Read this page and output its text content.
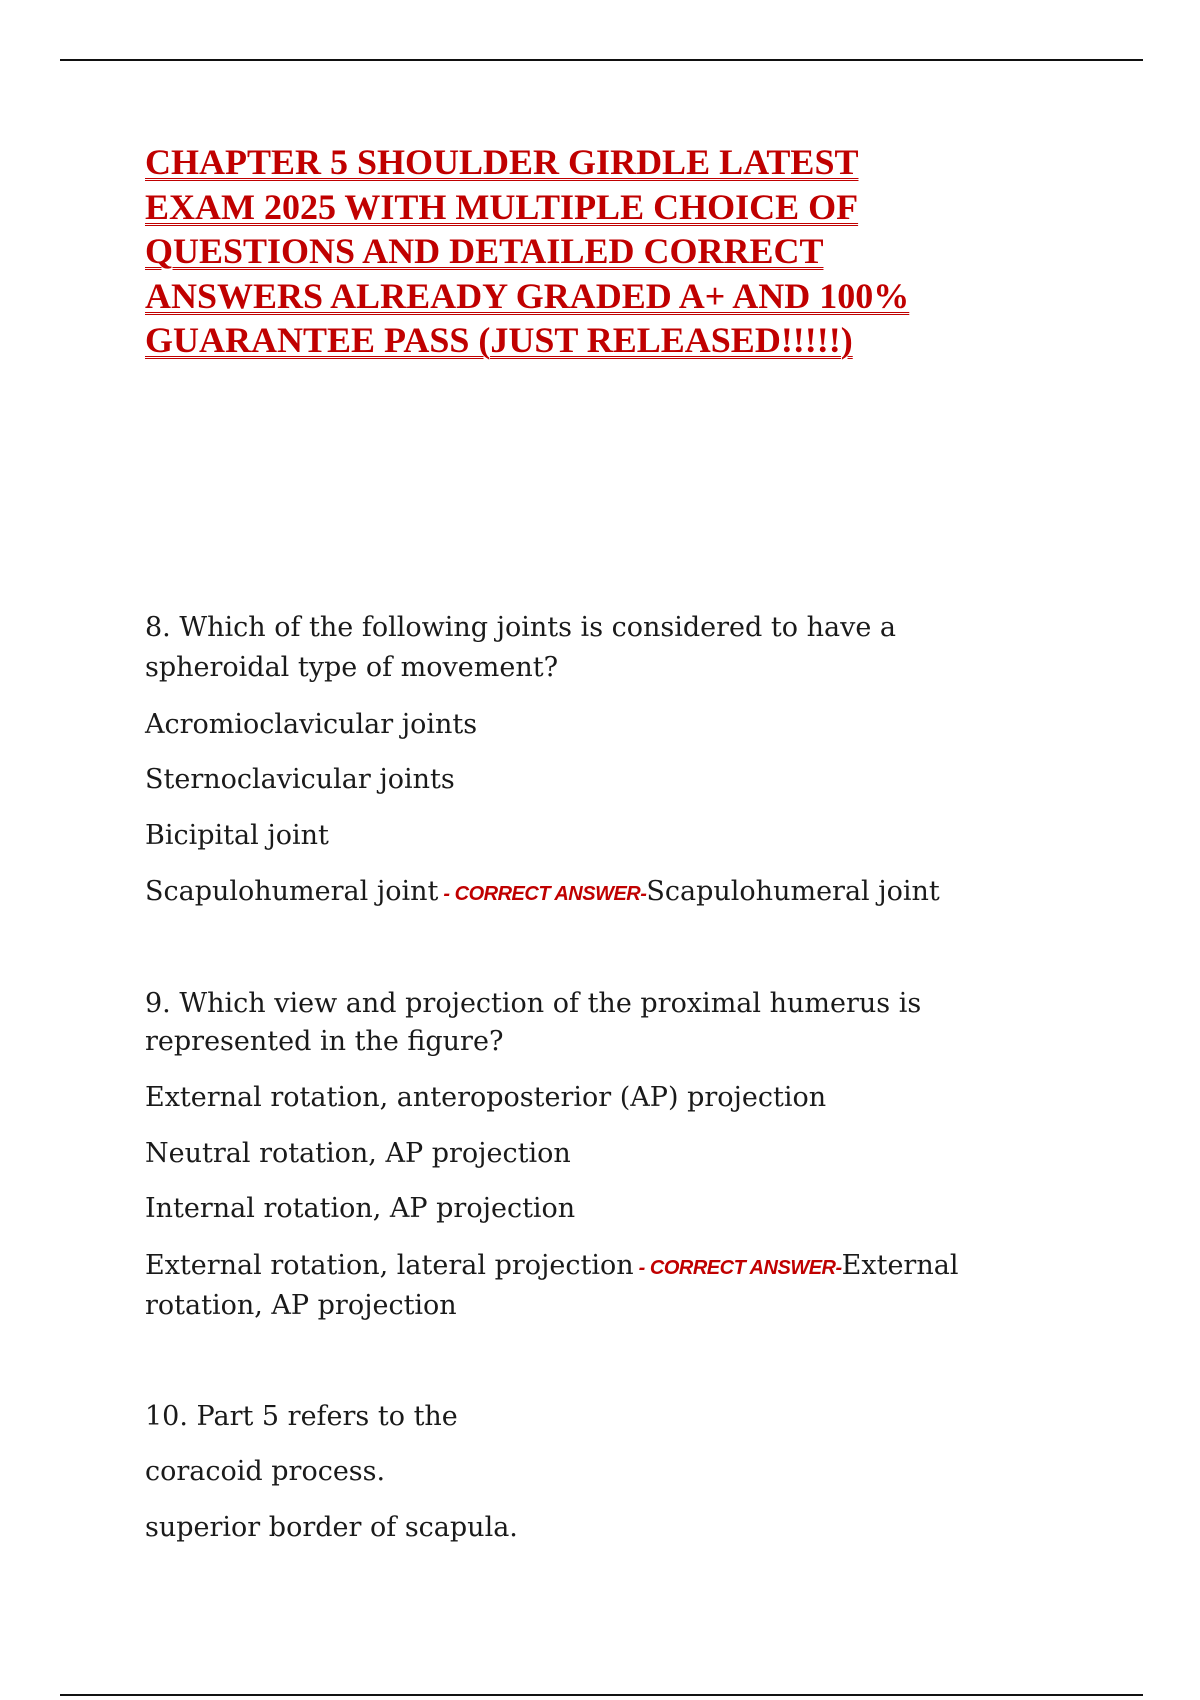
CHAPTER 5 SHOULDER GIRDLE LATEST
EXAM 2025 WITH MULTIPLE CHOICE OF
QUESTIONS AND DETAILED CORRECT
ANSWERS ALREADY GRADED A+ AND 100%
GUARANTEE PASS (JUST RELEASED!!!!!)
8. Which of the following joints is considered to have a
spheroidal type of movement?
Acromioclavicular joints
Sternoclavicular joints
Bicipital joint
Scapulohumeral joint - CORRECT ANSWER-Scapulohumeral joint
9. Which view and projection of the proximal humerus is
represented in the figure?
External rotation, anteroposterior (AP) projection
Neutral rotation, AP projection
Internal rotation, AP projection
External rotation, lateral projection - CORRECT ANSWER-External
rotation, AP projection
10. Part 5 refers to the
coracoid process.
superior border of scapula.
